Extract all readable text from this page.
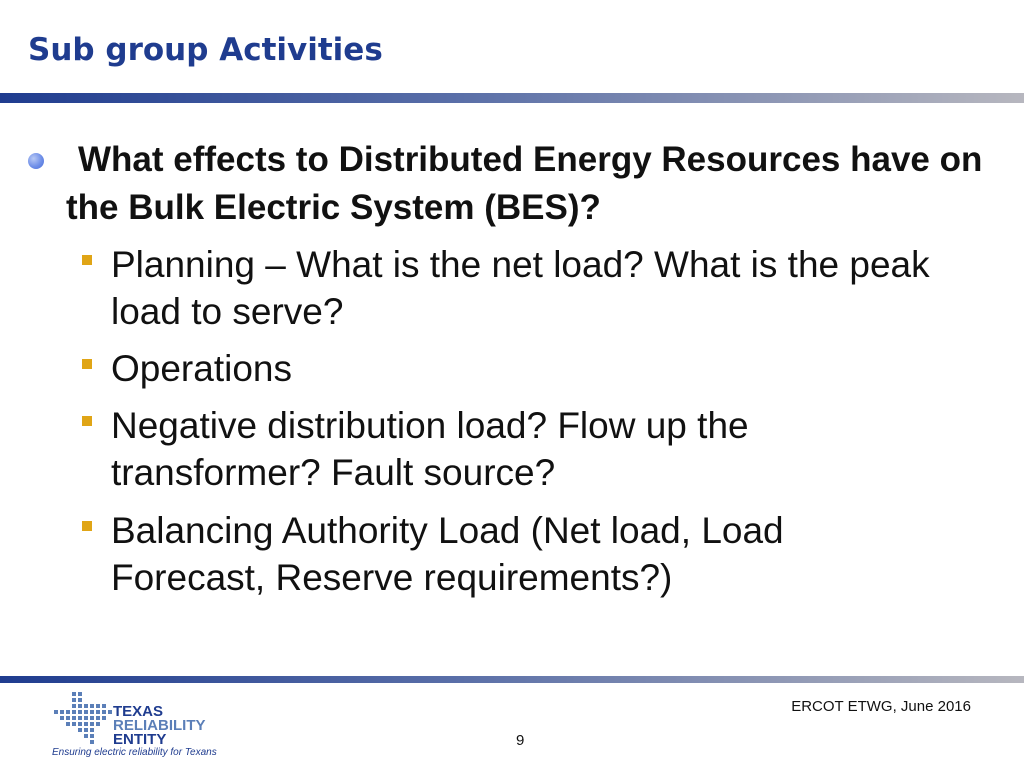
Sub group Activities
What effects to Distributed Energy Resources have on the Bulk Electric System (BES)?
Planning – What is the net load? What is the peak load to serve?
Operations
Negative distribution load? Flow up the transformer? Fault source?
Balancing Authority Load (Net load, Load Forecast, Reserve requirements?)
TEXAS
RELIABILITY
ENTITY
Ensuring electric reliability for Texans
ERCOT ETWG, June 2016
9
